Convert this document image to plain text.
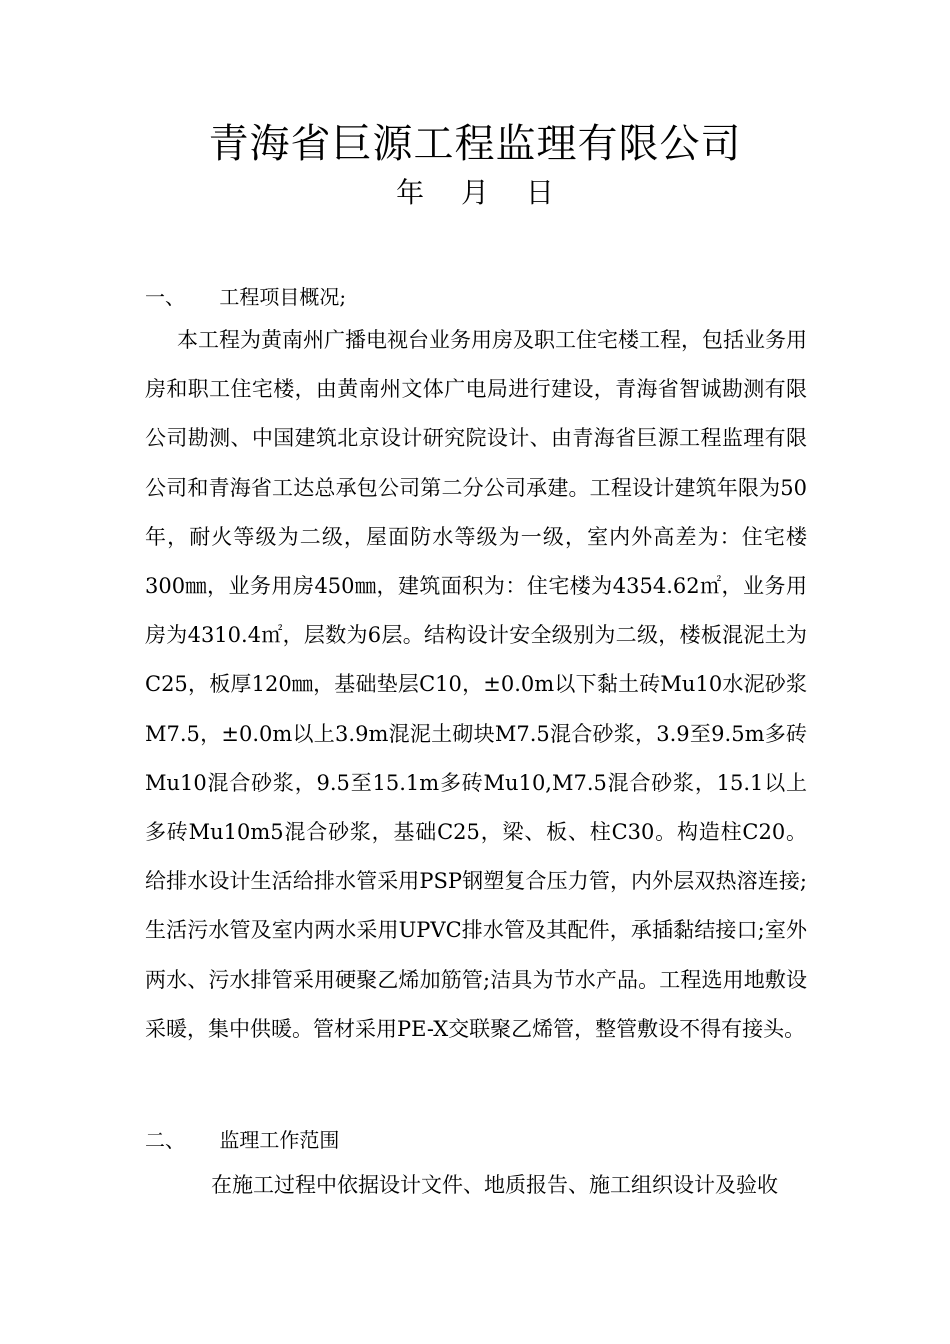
青海省巨源工程监理有限公司

年 月 日

一、 工程项目概况;

本工程为黄南州广播电视台业务用房及职工住宅楼工程，包括业务用房和职工住宅楼，由黄南州文体广电局进行建设，青海省智诚勘测有限公司勘测、中国建筑北京设计研究院设计、由青海省巨源工程监理有限公司和青海省工达总承包公司第二分公司承建。工程设计建筑年限为50年，耐火等级为二级，屋面防水等级为一级，室内外高差为：住宅楼300㎜，业务用房450㎜，建筑面积为：住宅楼为4354.62㎡，业务用房为4310.4㎡，层数为6层。结构设计安全级别为二级，楼板混泥土为C25，板厚120㎜，基础垫层C10，±0.0m以下黏土砖Mu10水泥砂浆M7.5，±0.0m以上3.9m混泥土砌块M7.5混合砂浆，3.9至9.5m多砖Mu10混合砂浆，9.5至15.1m多砖Mu10,M7.5混合砂浆，15.1以上多砖Mu10m5混合砂浆，基础C25，梁、板、柱C30。构造柱C20。给排水设计生活给排水管采用PSP钢塑复合压力管，内外层双热溶连接;生活污水管及室内两水采用UPVC排水管及其配件，承插黏结接口;室外两水、污水排管采用硬聚乙烯加筋管;洁具为节水产品。工程选用地敷设采暖，集中供暖。管材采用PE-X交联聚乙烯管，整管敷设不得有接头。

二、 监理工作范围

在施工过程中依据设计文件、地质报告、施工组织设计及验收
